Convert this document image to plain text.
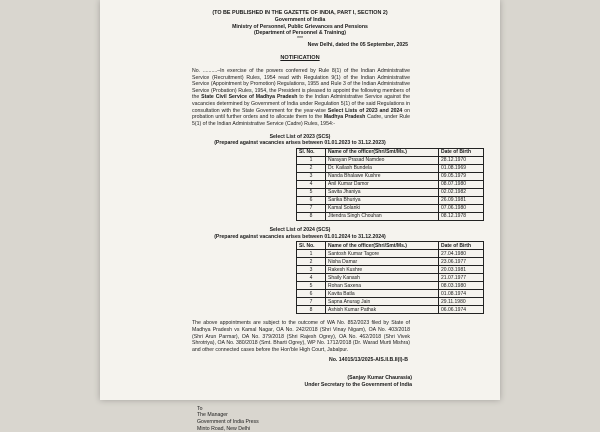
(TO BE PUBLISHED IN THE GAZETTE OF INDIA, PART I, SECTION 2)
Government of India
Ministry of Personnel, Public Grievances and Pensions
(Department of Personnel & Training)
***
New Delhi, dated the 05 September, 2025
NOTIFICATION
No. ..........–In exercise of the powers conferred by Rule 8(1) of the Indian Administrative Service (Recruitment) Rules, 1954 read with Regulation 9(1) of the Indian Administrative Service (Appointment by Promotion) Regulations, 1955 and Rule 3 of the Indian Administrative Service (Probation) Rules, 1954, the President is pleased to appoint the following members of the State Civil Service of Madhya Pradesh to the Indian Administrative Service against the vacancies determined by Government of India under Regulation 5(1) of the said Regulations in consultation with the State Government for the year-wise Select Lists of 2023 and 2024 on probation until further orders and to allocate them to the Madhya Pradesh Cadre, under Rule 5(1) of the Indian Administrative Service (Cadre) Rules, 1954:-
Select List of 2023 (SCS)
(Prepared against vacancies arises between 01.01.2023 to 31.12.2023)
Sl. No.	Name of the officer(Shri/Smt/Ms.)	Date of Birth
1	Narayan Prasad Namdeo	28.12.1970
2	Dr. Kailash Bundela	01.08.1969
3	Nanda Bhalawe Kushre	09.05.1979
4	Anil Kumar Damor	08.07.1980
5	Savita Jhaniya	02.02.1982
6	Sarika Bhuriya	26.09.1981
7	Kamal Solanki	07.06.1980
8	Jitendra Singh Chouhan	08.12.1978
Select List of 2024 (SCS)
(Prepared against vacancies arises between 01.01.2024 to 31.12.2024)
Sl. No.	Name of the officer(Shri/Smt/Ms.)	Date of Birth
1	Santosh Kumar Tagore	27.04.1980
2	Nisha Damar	23.06.1977
3	Rakesh Kushre	20.03.1981
4	Shaily Kanash	21.07.1977
5	Rohan Saxena	08.03.1980
6	Kavita Batla	01.08.1974
7	Sapna Anurag Jain	29.11.1980
8	Ashish Kumar Pathak	06.06.1974
The above appointments are subject to the outcome of WA No. 852/2023 filed by State of Madhya Pradesh vs Kamal Nagar, OA No. 242/2018 (Shri Vinay Nigam), OA No. 403/2018 (Shri Arun Parmar), OA No. 379/2018 (Shri Rajesh Ogrey), OA No. 462/2018 (Shri Vivek Shrotriya), OA No. 380/2018 (Smt. Bharti Ogrey), WP No. 1712/2018 (Dr. Warad Murti Mishra) and other connected cases before the Hon'ble High Court, Jabalpur.
No. 14015/13/2025-AIS.II.B.II(I)-B
(Sanjay Kumar Chaurasia)
Under Secretary to the Government of India
To
The Manager
Government of India Press
Minto Road, New Delhi
